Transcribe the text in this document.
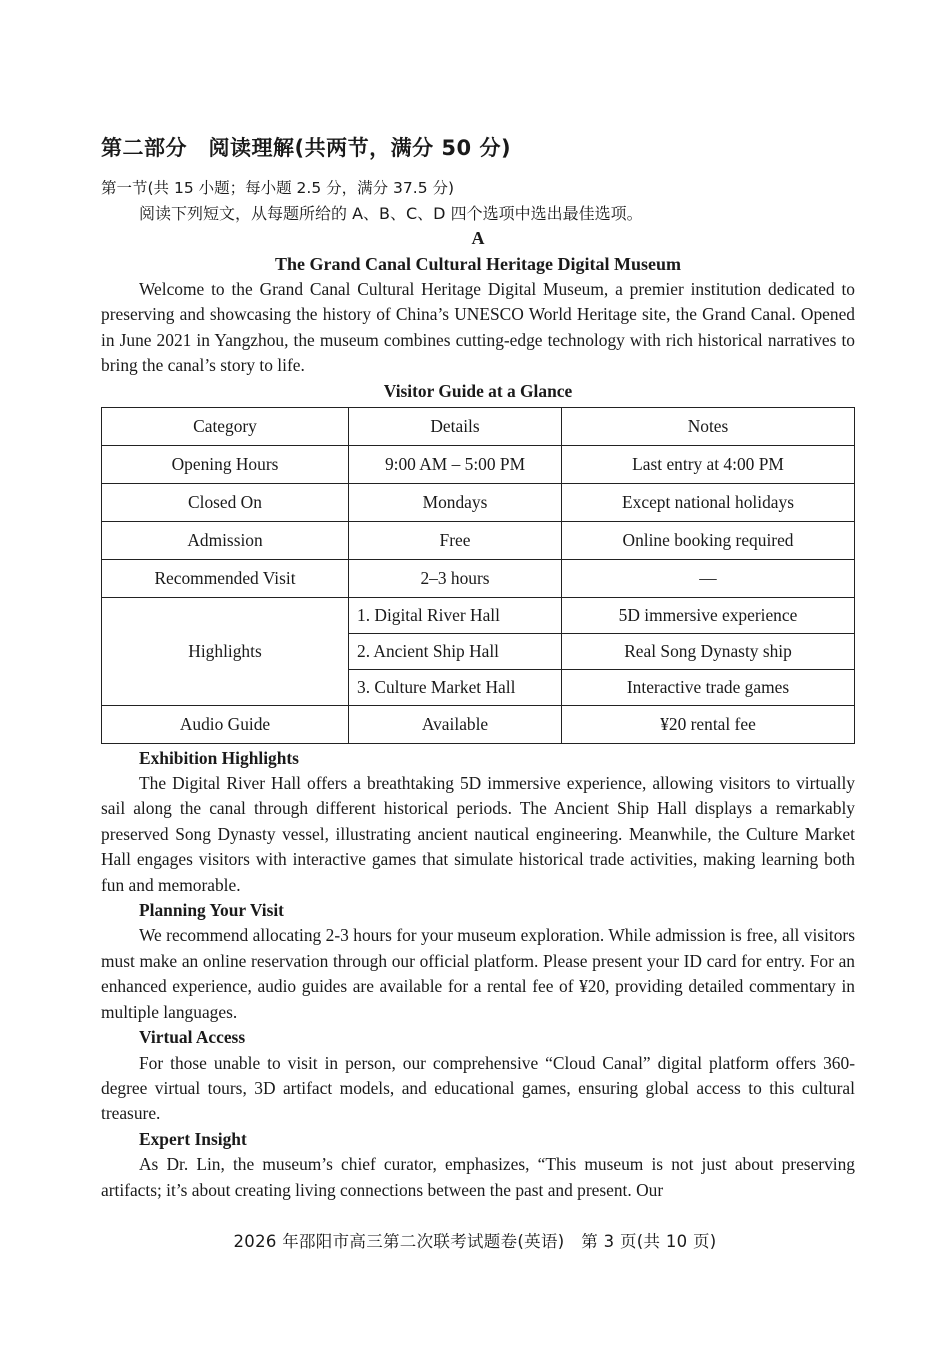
第二部分　阅读理解(共两节，满分 50 分)
第一节(共 15 小题；每小题 2.5 分，满分 37.5 分)
阅读下列短文，从每题所给的 A、B、C、D 四个选项中选出最佳选项。
A
The Grand Canal Cultural Heritage Digital Museum

Welcome to the Grand Canal Cultural Heritage Digital Museum, a premier institution dedicated to preserving and showcasing the history of China’s UNESCO World Heritage site, the Grand Canal. Opened in June 2021 in Yangzhou, the museum combines cutting-edge technology with rich historical narratives to bring the canal’s story to life.

Visitor Guide at a Glance
Category	Details	Notes
Opening Hours	9:00 AM – 5:00 PM	Last entry at 4:00 PM
Closed On	Mondays	Except national holidays
Admission	Free	Online booking required
Recommended Visit	2–3 hours	—
Highlights	1. Digital River Hall	5D immersive experience
	2. Ancient Ship Hall	Real Song Dynasty ship
	3. Culture Market Hall	Interactive trade games
Audio Guide	Available	¥20 rental fee
Exhibition Highlights

The Digital River Hall offers a breathtaking 5D immersive experience, allowing visitors to virtually sail along the canal through different historical periods. The Ancient Ship Hall displays a remarkably preserved Song Dynasty vessel, illustrating ancient nautical engineering. Meanwhile, the Culture Market Hall engages visitors with interactive games that simulate historical trade activities, making learning both fun and memorable.

Planning Your Visit

We recommend allocating 2-3 hours for your museum exploration. While admission is free, all visitors must make an online reservation through our official platform. Please present your ID card for entry. For an enhanced experience, audio guides are available for a rental fee of ¥20, providing detailed commentary in multiple languages.

Virtual Access

For those unable to visit in person, our comprehensive “Cloud Canal” digital platform offers 360-degree virtual tours, 3D artifact models, and educational games, ensuring global access to this cultural treasure.

Expert Insight

As Dr. Lin, the museum’s chief curator, emphasizes, “This museum is not just about preserving artifacts; it’s about creating living connections between the past and present. Our

2026 年邵阳市高三第二次联考试题卷(英语)　第 3 页(共 10 页)
